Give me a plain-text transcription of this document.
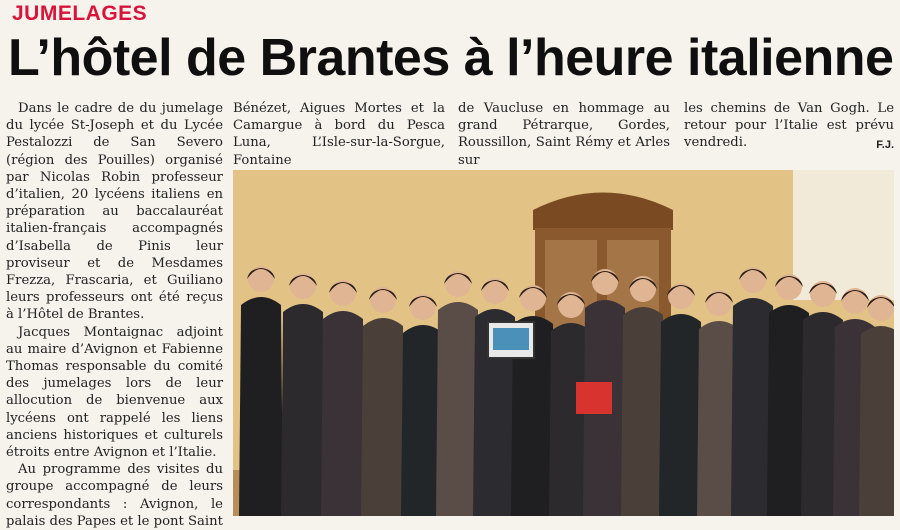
JUMELAGES
L’hôtel de Brantes à l’heure italienne

Dans le cadre de du jumelage du lycée St-Joseph et du Lycée Pestalozzi de San Severo (région des Pouilles) organisé par Nicolas Robin professeur d’italien, 20 lycéens italiens en préparation au baccalauréat italien-français accompagnés d’Isabella de Pinis leur proviseur et de Mesdames Frezza, Frascaria, et Guiliano leurs professeurs ont été reçus à l’Hôtel de Brantes.

Jacques Montaignac adjoint au maire d’Avignon et Fabienne Thomas responsable du comité des jumelages lors de leur allocution de bienvenue aux lycéens ont rappelé les liens anciens historiques et culturels étroits entre Avignon et l’Italie.

Au programme des visites du groupe accompagné de leurs correspondants : Avignon, le palais des Papes et le pont Saint

Bénézet, Aigues Mortes et la Camargue à bord du Pesca Luna, L’Isle-sur-la-Sorgue, Fontaine

de Vaucluse en hommage au grand Pétrarque, Gordes, Roussillon, Saint Rémy et Arles sur

les chemins de Van Gogh. Le retour pour l’Italie est prévu vendredi.	F.J.
